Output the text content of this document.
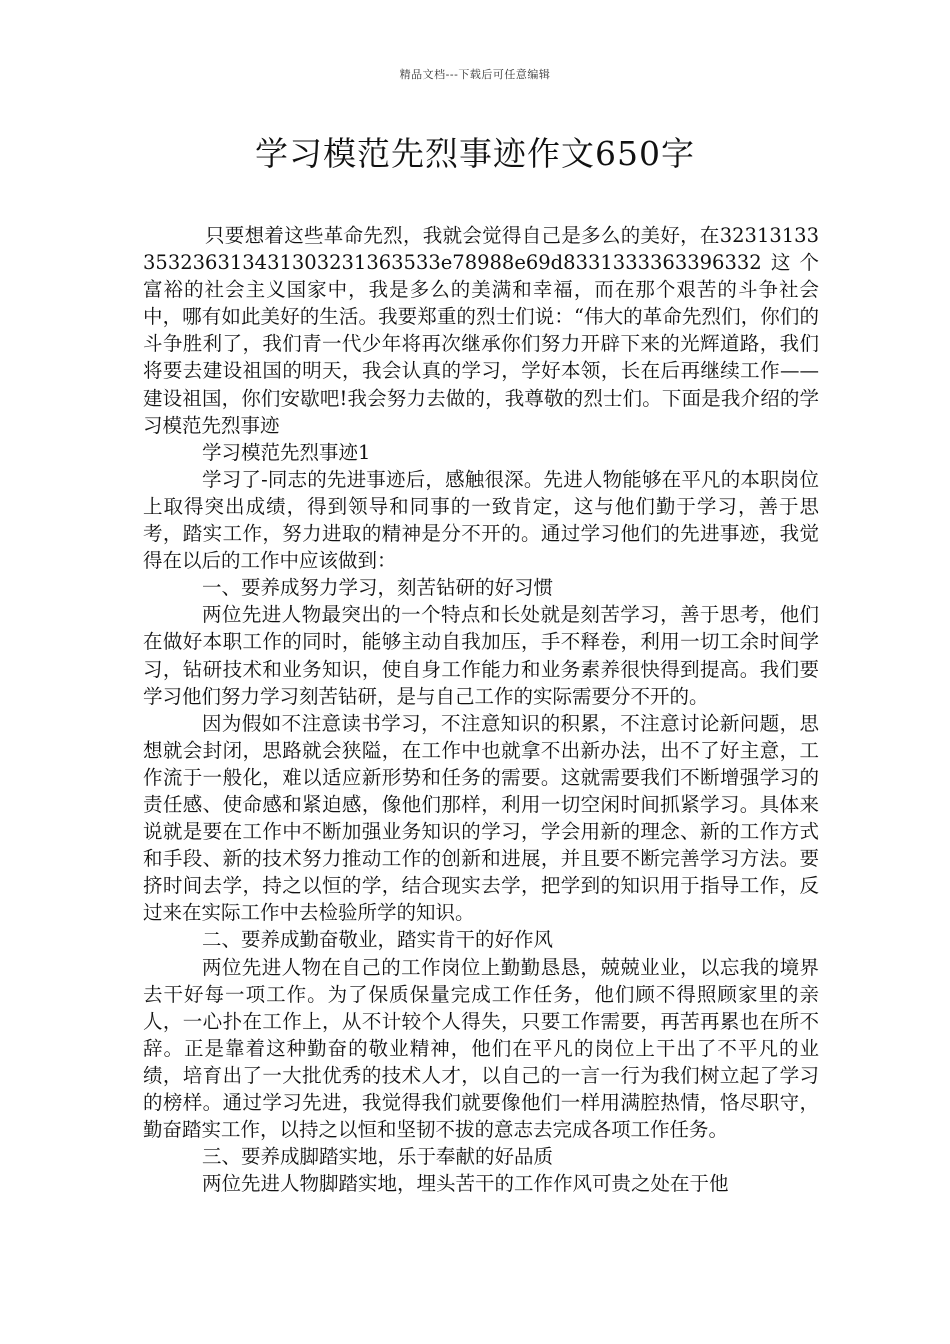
精品文档---下载后可任意编辑
学习模范先烈事迹作文650字

只要想着这些革命先烈，我就会觉得自己是多么的美好，在32313133353236313431303231363533e78988e69d8331333363396332这个富裕的社会主义国家中，我是多么的美满和幸福，而在那个艰苦的斗争社会中，哪有如此美好的生活。我要郑重的烈士们说：“伟大的革命先烈们，你们的斗争胜利了，我们青一代少年将再次继承你们努力开辟下来的光辉道路，我们将要去建设祖国的明天，我会认真的学习，学好本领，长在后再继续工作——建设祖国，你们安歇吧!我会努力去做的，我尊敬的烈士们。下面是我介绍的学习模范先烈事迹

学习模范先烈事迹1

学习了-同志的先进事迹后，感触很深。先进人物能够在平凡的本职岗位上取得突出成绩，得到领导和同事的一致肯定，这与他们勤于学习，善于思考，踏实工作，努力进取的精神是分不开的。通过学习他们的先进事迹，我觉得在以后的工作中应该做到：

一、要养成努力学习，刻苦钻研的好习惯

两位先进人物最突出的一个特点和长处就是刻苦学习，善于思考，他们在做好本职工作的同时，能够主动自我加压，手不释卷，利用一切工余时间学习，钻研技术和业务知识，使自身工作能力和业务素养很快得到提高。我们要学习他们努力学习刻苦钻研，是与自己工作的实际需要分不开的。

因为假如不注意读书学习，不注意知识的积累，不注意讨论新问题，思想就会封闭，思路就会狭隘，在工作中也就拿不出新办法，出不了好主意，工作流于一般化，难以适应新形势和任务的需要。这就需要我们不断增强学习的责任感、使命感和紧迫感，像他们那样，利用一切空闲时间抓紧学习。具体来说就是要在工作中不断加强业务知识的学习，学会用新的理念、新的工作方式和手段、新的技术努力推动工作的创新和进展，并且要不断完善学习方法。要挤时间去学，持之以恒的学，结合现实去学，把学到的知识用于指导工作，反过来在实际工作中去检验所学的知识。

二、要养成勤奋敬业，踏实肯干的好作风

两位先进人物在自己的工作岗位上勤勤恳恳，兢兢业业，以忘我的境界去干好每一项工作。为了保质保量完成工作任务，他们顾不得照顾家里的亲人，一心扑在工作上，从不计较个人得失，只要工作需要，再苦再累也在所不辞。正是靠着这种勤奋的敬业精神，他们在平凡的岗位上干出了不平凡的业绩，培育出了一大批优秀的技术人才，以自己的一言一行为我们树立起了学习的榜样。通过学习先进，我觉得我们就要像他们一样用满腔热情，恪尽职守，勤奋踏实工作，以持之以恒和坚韧不拔的意志去完成各项工作任务。

三、要养成脚踏实地，乐于奉献的好品质

两位先进人物脚踏实地，埋头苦干的工作作风可贵之处在于他
